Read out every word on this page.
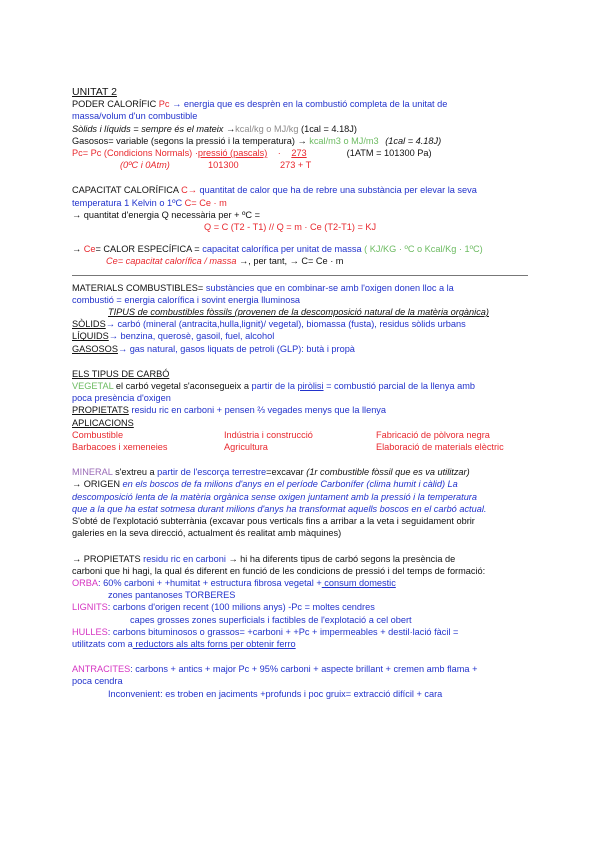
UNITAT 2

PODER CALORÍFIC Pc → energia que es desprèn en la combustió completa de la unitat de

massa/volum d'un combustible

Sòlids i líquids = sempre és el mateix →kcal/kg o MJ/kg (1cal = 4.18J)

Gasosos= variable (segons la pressió i la temperatura) → kcal/m3 o MJ/m3 (1cal = 4.18J)

Pc= Pc (Condicions Normals) ·pressió (pascals) · 273	(1ATM = 101300 Pa)

(0ºC i 0Atm)	101300	273 + T

CAPACITAT CALORÍFICA C→ quantitat de calor que ha de rebre una substància per elevar la seva

temperatura 1 Kelvin o 1ºC C= Ce · m

→ quantitat d'energia Q necessària per + ºC =

Q = C (T2 - T1) // Q = m · Ce (T2-T1) = KJ

→ Ce= CALOR ESPECÍFICA = capacitat calorífica per unitat de massa ( KJ/KG · ºC o Kcal/Kg · 1ºC)

Ce= capacitat calorífica / massa →, per tant, → C= Ce · m

MATERIALS COMBUSTIBLES= substàncies que en combinar-se amb l'oxigen donen lloc a la

combustió = energia calorífica i sovint energia lluminosa

TIPUS de combustibles fòssils (provenen de la descomposició natural de la matèria orgànica)

SÒLIDS→ carbó (mineral (antracita,hulla,lignit)/ vegetal), biomassa (fusta), residus sòlids urbans

LÍQUIDS→ benzina, querosè, gasoil, fuel, alcohol

GASOSOS→ gas natural, gasos liquats de petroli (GLP): butà i propà

ELS TIPUS DE CARBÓ

VEGETAL el carbó vegetal s'aconsegueix a partir de la piròlisi = combustió parcial de la llenya amb

poca presència d'oxigen

PROPIETATS residu ric en carboni + pensen ⅔ vegades menys que la llenya

APLICACIONS

Combustible	Indústria i construcció	Fabricació de pòlvora negra
Barbacoes i xemeneies	Agricultura	Elaboració de materials elèctric

MINERAL s'extreu a partir de l'escorça terrestre=excavar (1r combustible fòssil que es va utilitzar)

→ ORIGEN en els boscos de fa milions d'anys en el període Carbonífer (clima humit i càlid) La

descomposició lenta de la matèria orgànica sense oxigen juntament amb la pressió i la temperatura

que a la que ha estat sotmesa durant milions d'anys ha transformat aquells boscos en el carbó actual.

S'obté de l'explotació subterrània (excavar pous verticals fins a arribar a la veta i seguidament obrir

galeries en la seva direcció, actualment és realitat amb màquines)

→ PROPIETATS residu ric en carboni → hi ha diferents tipus de carbó segons la presència de

carboni que hi hagi, la qual és diferent en funció de les condicions de pressió i del temps de formació:

ORBA: 60% carboni + +humitat + estructura fibrosa vegetal + consum domestic

zones pantanoses TORBERES

LIGNITS: carbons d'origen recent (100 milions anys) -Pc = moltes cendres

capes grosses zones superficials i factibles de l'explotació a cel obert

HULLES: carbons bituminosos o grassos= +carboni + +Pc + impermeables + destil·lació fàcil =

utilitzats com a reductors als alts forns per obtenir ferro

ANTRACITES: carbons + antics + major Pc + 95% carboni + aspecte brillant + cremen amb flama +

poca cendra

Inconvenient: es troben en jaciments +profunds i poc gruix= extracció difícil + cara
